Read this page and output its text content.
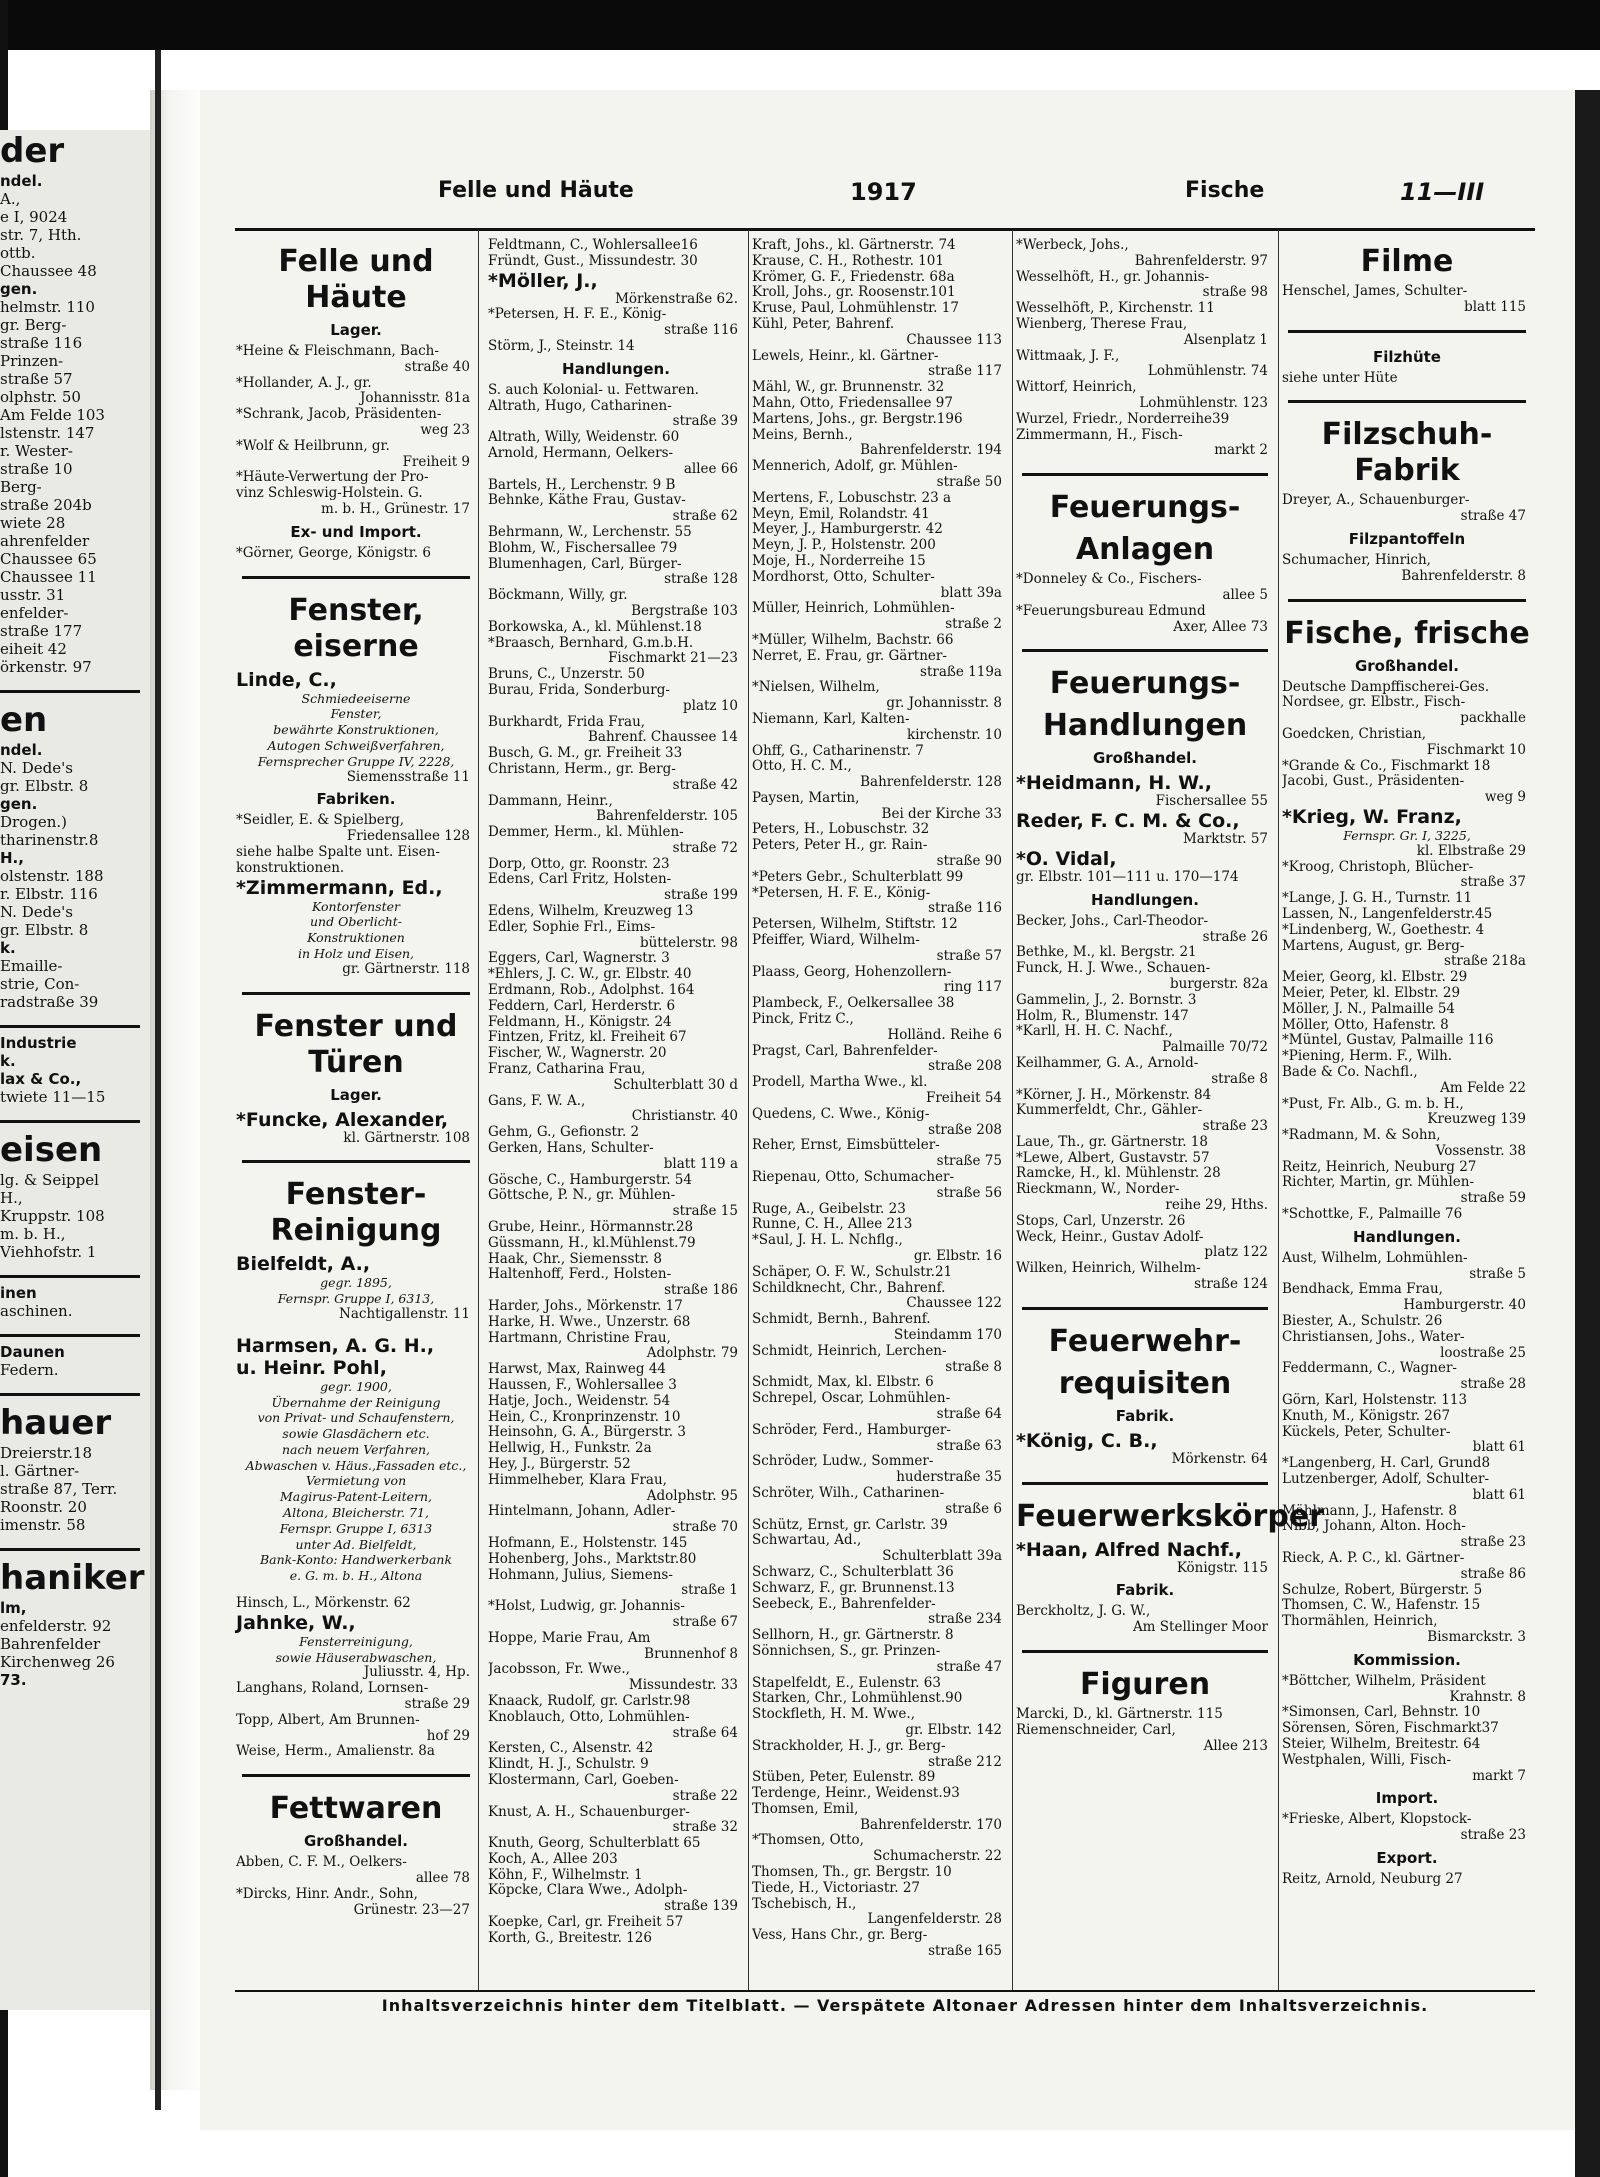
der
ndel.
A.,
e I, 9024
str. 7, Hth.
ottb.
Chaussee 48
gen.
helmstr. 110
gr. Berg-
straße 116
Prinzen-
straße 57
olphstr. 50
Am Felde 103
lstenstr. 147
r. Wester-
straße 10
Berg-
straße 204b
wiete 28
ahrenfelder
Chaussee 65
Chaussee 11
usstr. 31
enfelder-
straße 177
eiheit 42
örkenstr. 97
en
ndel.
N. Dede's
gr. Elbstr. 8
gen.
Drogen.)
tharinenstr.8
H.,
olstenstr. 188
r. Elbstr. 116
N. Dede's
gr. Elbstr. 8
k.
Emaille-
strie, Con-
radstraße 39
Industrie
k.
lax & Co.,
twiete 11—15
eisen
lg. & Seippel
H.,
Kruppstr. 108
m. b. H.,
Viehhofstr. 1
inen
aschinen.
Daunen
Federn.
hauer
Dreierstr.18
l. Gärtner-
straße 87, Terr.
Roonstr. 20
imenstr. 58
haniker
lm,
enfelderstr. 92
Bahrenfelder
Kirchenweg 26
73.
Felle und Häute	1917	Fische	11—III
Felle und Häute
Lager.
*Heine & Fleischmann, Bach-
straße 40
*Hollander, A. J., gr.
Johannisstr. 81a
*Schrank, Jacob, Präsidenten-
weg 23
*Wolf & Heilbrunn, gr.
Freiheit 9
*Häute-Verwertung der Pro-
vinz Schleswig-Holstein. G.
m. b. H., Grünestr. 17
Ex- und Import.
*Görner, George, Königstr. 6
Fenster, eiserne
Linde, C.,
Schmiedeeiserne
Fenster,
bewährte Konstruktionen,
Autogen Schweißverfahren,
Fernsprecher Gruppe IV, 2228,
Siemensstraße 11
Fabriken.
*Seidler, E. & Spielberg,
Friedensallee 128
siehe halbe Spalte unt. Eisen-
konstruktionen.
*Zimmermann, Ed.,
Kontorfenster
und Oberlicht-
Konstruktionen
in Holz und Eisen,
gr. Gärtnerstr. 118
Fenster und Türen
Lager.
*Funcke, Alexander,
kl. Gärtnerstr. 108
Fenster-Reinigung
Bielfeldt, A.,
gegr. 1895,
Fernspr. Gruppe I, 6313,
Nachtigallenstr. 11
Harmsen, A. G. H.,
u. Heinr. Pohl,
gegr. 1900,
Übernahme der Reinigung
von Privat- und Schaufenstern,
sowie Glasdächern etc.
nach neuem Verfahren,
Abwaschen v. Häus.,Fassaden etc.,
Vermietung von
Magirus-Patent-Leitern,
Altona, Bleicherstr. 71,
Fernspr. Gruppe I, 6313
unter Ad. Bielfeldt,
Bank-Konto: Handwerkerbank
e. G. m. b. H., Altona
Hinsch, L., Mörkenstr. 62
Jahnke, W.,
Fensterreinigung,
sowie Häuserabwaschen,
Juliusstr. 4, Hp.
Langhans, Roland, Lornsen-
straße 29
Topp, Albert, Am Brunnen-
hof 29
Weise, Herm., Amalienstr. 8a
Fettwaren
Großhandel.
Abben, C. F. M., Oelkers-
allee 78
*Dircks, Hinr. Andr., Sohn,
Grünestr. 23—27
Feldtmann, C., Wohlersallee16
Fründt, Gust., Missundestr. 30
*Möller, J.,
Mörkenstraße 62.
*Petersen, H. F. E., König-
straße 116
Störm, J., Steinstr. 14
Handlungen.
S. auch Kolonial- u. Fettwaren.
Altrath, Hugo, Catharinen-
straße 39
Altrath, Willy, Weidenstr. 60
Arnold, Hermann, Oelkers-
allee 66
Bartels, H., Lerchenstr. 9 B
Behnke, Käthe Frau, Gustav-
straße 62
Behrmann, W., Lerchenstr. 55
Blohm, W., Fischersallee 79
Blumenhagen, Carl, Bürger-
straße 128
Böckmann, Willy, gr.
Bergstraße 103
Borkowska, A., kl. Mühlenst.18
*Braasch, Bernhard, G.m.b.H.
Fischmarkt 21—23
Bruns, C., Unzerstr. 50
Burau, Frida, Sonderburg-
platz 10
Burkhardt, Frida Frau,
Bahrenf. Chaussee 14
Busch, G. M., gr. Freiheit 33
Christann, Herm., gr. Berg-
straße 42
Dammann, Heinr.,
Bahrenfelderstr. 105
Demmer, Herm., kl. Mühlen-
straße 72
Dorp, Otto, gr. Roonstr. 23
Edens, Carl Fritz, Holsten-
straße 199
Edens, Wilhelm, Kreuzweg 13
Edler, Sophie Frl., Eims-
büttelerstr. 98
Eggers, Carl, Wagnerstr. 3
*Ehlers, J. C. W., gr. Elbstr. 40
Erdmann, Rob., Adolphst. 164
Feddern, Carl, Herderstr. 6
Feldmann, H., Königstr. 24
Fintzen, Fritz, kl. Freiheit 67
Fischer, W., Wagnerstr. 20
Franz, Catharina Frau,
Schulterblatt 30 d
Gans, F. W. A.,
Christianstr. 40
Gehm, G., Gefionstr. 2
Gerken, Hans, Schulter-
blatt 119 a
Gösche, C., Hamburgerstr. 54
Göttsche, P. N., gr. Mühlen-
straße 15
Grube, Heinr., Hörmannstr.28
Güssmann, H., kl.Mühlenst.79
Haak, Chr., Siemensstr. 8
Haltenhoff, Ferd., Holsten-
straße 186
Harder, Johs., Mörkenstr. 17
Harke, H. Wwe., Unzerstr. 68
Hartmann, Christine Frau,
Adolphstr. 79
Harwst, Max, Rainweg 44
Haussen, F., Wohlersallee 3
Hatje, Joch., Weidenstr. 54
Hein, C., Kronprinzenstr. 10
Heinsohn, G. A., Bürgerstr. 3
Hellwig, H., Funkstr. 2a
Hey, J., Bürgerstr. 52
Himmelheber, Klara Frau,
Adolphstr. 95
Hintelmann, Johann, Adler-
straße 70
Hofmann, E., Holstenstr. 145
Hohenberg, Johs., Marktstr.80
Hohmann, Julius, Siemens-
straße 1
*Holst, Ludwig, gr. Johannis-
straße 67
Hoppe, Marie Frau, Am
Brunnenhof 8
Jacobsson, Fr. Wwe.,
Missundestr. 33
Knaack, Rudolf, gr. Carlstr.98
Knoblauch, Otto, Lohmühlen-
straße 64
Kersten, C., Alsenstr. 42
Klindt, H. J., Schulstr. 9
Klostermann, Carl, Goeben-
straße 22
Knust, A. H., Schauenburger-
straße 32
Knuth, Georg, Schulterblatt 65
Koch, A., Allee 203
Köhn, F., Wilhelmstr. 1
Köpcke, Clara Wwe., Adolph-
straße 139
Koepke, Carl, gr. Freiheit 57
Korth, G., Breitestr. 126
Kraft, Johs., kl. Gärtnerstr. 74
Krause, C. H., Rothestr. 101
Krömer, G. F., Friedenstr. 68a
Kroll, Johs., gr. Roosenstr.101
Kruse, Paul, Lohmühlenstr. 17
Kühl, Peter, Bahrenf.
Chaussee 113
Lewels, Heinr., kl. Gärtner-
straße 117
Mähl, W., gr. Brunnenstr. 32
Mahn, Otto, Friedensallee 97
Martens, Johs., gr. Bergstr.196
Meins, Bernh.,
Bahrenfelderstr. 194
Mennerich, Adolf, gr. Mühlen-
straße 50
Mertens, F., Lobuschstr. 23 a
Meyn, Emil, Rolandstr. 41
Meyer, J., Hamburgerstr. 42
Meyn, J. P., Holstenstr. 200
Moje, H., Norderreihe 15
Mordhorst, Otto, Schulter-
blatt 39a
Müller, Heinrich, Lohmühlen-
straße 2
*Müller, Wilhelm, Bachstr. 66
Nerret, E. Frau, gr. Gärtner-
straße 119a
*Nielsen, Wilhelm,
gr. Johannisstr. 8
Niemann, Karl, Kalten-
kirchenstr. 10
Ohff, G., Catharinenstr. 7
Otto, H. C. M.,
Bahrenfelderstr. 128
Paysen, Martin,
Bei der Kirche 33
Peters, H., Lobuschstr. 32
Peters, Peter H., gr. Rain-
straße 90
*Peters Gebr., Schulterblatt 99
*Petersen, H. F. E., König-
straße 116
Petersen, Wilhelm, Stiftstr. 12
Pfeiffer, Wiard, Wilhelm-
straße 57
Plaass, Georg, Hohenzollern-
ring 117
Plambeck, F., Oelkersallee 38
Pinck, Fritz C.,
Holländ. Reihe 6
Pragst, Carl, Bahrenfelder-
straße 208
Prodell, Martha Wwe., kl.
Freiheit 54
Quedens, C. Wwe., König-
straße 208
Reher, Ernst, Eimsbütteler-
straße 75
Riepenau, Otto, Schumacher-
straße 56
Ruge, A., Geibelstr. 23
Runne, C. H., Allee 213
*Saul, J. H. L. Nchflg.,
gr. Elbstr. 16
Schäper, O. F. W., Schulstr.21
Schildknecht, Chr., Bahrenf.
Chaussee 122
Schmidt, Bernh., Bahrenf.
Steindamm 170
Schmidt, Heinrich, Lerchen-
straße 8
Schmidt, Max, kl. Elbstr. 6
Schrepel, Oscar, Lohmühlen-
straße 64
Schröder, Ferd., Hamburger-
straße 63
Schröder, Ludw., Sommer-
huderstraße 35
Schröter, Wilh., Catharinen-
straße 6
Schütz, Ernst, gr. Carlstr. 39
Schwartau, Ad.,
Schulterblatt 39a
Schwarz, C., Schulterblatt 36
Schwarz, F., gr. Brunnenst.13
Seebeck, E., Bahrenfelder-
straße 234
Sellhorn, H., gr. Gärtnerstr. 8
Sönnichsen, S., gr. Prinzen-
straße 47
Stapelfeldt, E., Eulenstr. 63
Starken, Chr., Lohmühlenst.90
Stockfleth, H. M. Wwe.,
gr. Elbstr. 142
Strackholder, H. J., gr. Berg-
straße 212
Stüben, Peter, Eulenstr. 89
Terdenge, Heinr., Weidenst.93
Thomsen, Emil,
Bahrenfelderstr. 170
*Thomsen, Otto,
Schumacherstr. 22
Thomsen, Th., gr. Bergstr. 10
Tiede, H., Victoriastr. 27
Tschebisch, H.,
Langenfelderstr. 28
Vess, Hans Chr., gr. Berg-
straße 165
*Werbeck, Johs.,
Bahrenfelderstr. 97
Wesselhöft, H., gr. Johannis-
straße 98
Wesselhöft, P., Kirchenstr. 11
Wienberg, Therese Frau,
Alsenplatz 1
Wittmaak, J. F.,
Lohmühlenstr. 74
Wittorf, Heinrich,
Lohmühlenstr. 123
Wurzel, Friedr., Norderreihe39
Zimmermann, H., Fisch-
markt 2
Feuerungs-
Anlagen
*Donneley & Co., Fischers-
allee 5
*Feuerungsbureau Edmund
Axer, Allee 73
Feuerungs-
Handlungen
Großhandel.
*Heidmann, H. W.,
Fischersallee 55
Reder, F. C. M. & Co.,
Marktstr. 57
*O. Vidal,
gr. Elbstr. 101—111 u. 170—174
Handlungen.
Becker, Johs., Carl-Theodor-
straße 26
Bethke, M., kl. Bergstr. 21
Funck, H. J. Wwe., Schauen-
burgerstr. 82a
Gammelin, J., 2. Bornstr. 3
Holm, R., Blumenstr. 147
*Karll, H. H. C. Nachf.,
Palmaille 70/72
Keilhammer, G. A., Arnold-
straße 8
*Körner, J. H., Mörkenstr. 84
Kummerfeldt, Chr., Gähler-
straße 23
Laue, Th., gr. Gärtnerstr. 18
*Lewe, Albert, Gustavstr. 57
Ramcke, H., kl. Mühlenstr. 28
Rieckmann, W., Norder-
reihe 29, Hths.
Stops, Carl, Unzerstr. 26
Weck, Heinr., Gustav Adolf-
platz 122
Wilken, Heinrich, Wilhelm-
straße 124
Feuerwehr-
requisiten
Fabrik.
*König, C. B.,
Mörkenstr. 64
Feuerwerkskörper
*Haan, Alfred Nachf.,
Königstr. 115
Fabrik.
Berckholtz, J. G. W.,
Am Stellinger Moor
Figuren
Marcki, D., kl. Gärtnerstr. 115
Riemenschneider, Carl,
Allee 213
Filme
Henschel, James, Schulter-
blatt 115
Filzhüte
siehe unter Hüte
Filzschuh-Fabrik
Dreyer, A., Schauenburger-
straße 47
Filzpantoffeln
Schumacher, Hinrich,
Bahrenfelderstr. 8
Fische, frische
Großhandel.
Deutsche Dampffischerei-Ges.
Nordsee, gr. Elbstr., Fisch-
packhalle
Goedcken, Christian,
Fischmarkt 10
*Grande & Co., Fischmarkt 18
Jacobi, Gust., Präsidenten-
weg 9
*Krieg, W. Franz,
Fernspr. Gr. I, 3225,
kl. Elbstraße 29
*Kroog, Christoph, Blücher-
straße 37
*Lange, J. G. H., Turnstr. 11
Lassen, N., Langenfelderstr.45
*Lindenberg, W., Goethestr. 4
Martens, August, gr. Berg-
straße 218a
Meier, Georg, kl. Elbstr. 29
Meier, Peter, kl. Elbstr. 29
Möller, J. N., Palmaille 54
Möller, Otto, Hafenstr. 8
*Müntel, Gustav, Palmaille 116
*Piening, Herm. F., Wilh.
Bade & Co. Nachfl.,
Am Felde 22
*Pust, Fr. Alb., G. m. b. H.,
Kreuzweg 139
*Radmann, M. & Sohn,
Vossenstr. 38
Reitz, Heinrich, Neuburg 27
Richter, Martin, gr. Mühlen-
straße 59
*Schottke, F., Palmaille 76
Handlungen.
Aust, Wilhelm, Lohmühlen-
straße 5
Bendhack, Emma Frau,
Hamburgerstr. 40
Biester, A., Schulstr. 26
Christiansen, Johs., Water-
loostraße 25
Feddermann, C., Wagner-
straße 28
Görn, Karl, Holstenstr. 113
Knuth, M., Königstr. 267
Kückels, Peter, Schulter-
blatt 61
*Langenberg, H. Carl, Grund8
Lutzenberger, Adolf, Schulter-
blatt 61
Mählmann, J., Hafenstr. 8
Nibb, Johann, Alton. Hoch-
straße 23
Rieck, A. P. C., kl. Gärtner-
straße 86
Schulze, Robert, Bürgerstr. 5
Thomsen, C. W., Hafenstr. 15
Thormählen, Heinrich,
Bismarckstr. 3
Kommission.
*Böttcher, Wilhelm, Präsident
Krahnstr. 8
*Simonsen, Carl, Behnstr. 10
Sörensen, Sören, Fischmarkt37
Steier, Wilhelm, Breitestr. 64
Westphalen, Willi, Fisch-
markt 7
Import.
*Frieske, Albert, Klopstock-
straße 23
Export.
Reitz, Arnold, Neuburg 27
Inhaltsverzeichnis hinter dem Titelblatt. — Verspätete Altonaer Adressen hinter dem Inhaltsverzeichnis.
